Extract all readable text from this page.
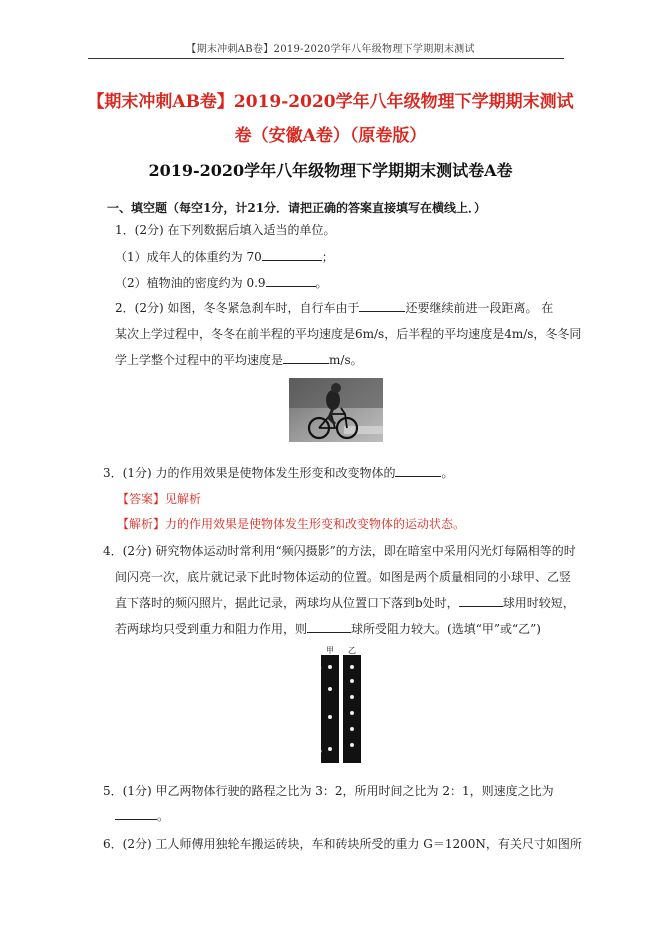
【期末冲刺AB卷】2019-2020学年八年级物理下学期期末测试
【期末冲刺AB卷】2019-2020学年八年级物理下学期期末测试
卷（安徽A卷）（原卷版）
2019-2020学年八年级物理下学期期末测试卷A卷
一、填空题（每空1分，计21分．请把正确的答案直接填写在横线上．）
1．(2分) 在下列数据后填入适当的单位。
（1）成年人的体重约为 70	；
（2）植物油的密度约为 0.9	。
2．(2分) 如图，冬冬紧急刹车时，自行车由于	还要继续前进一段距离。 在
某次上学过程中，冬冬在前半程的平均速度是6m/s，后半程的平均速度是4m/s，冬冬同
学上学整个过程中的平均速度是	m/s。
3．(1分) 力的作用效果是使物体发生形变和改变物体的	。
【答案】见解析
【解析】力的作用效果是使物体发生形变和改变物体的运动状态。
4．(2分) 研究物体运动时常利用“频闪摄影”的方法，即在暗室中采用闪光灯每隔相等的时
间闪亮一次，底片就记录下此时物体运动的位置。如图是两个质量相同的小球甲、乙竖
直下落时的频闪照片，据此记录，两球均从位置口下落到b处时，	球用时较短，
若两球均只受到重力和阻力作用，则	球所受阻力较大。(选填“甲”或“乙”)
甲 乙
a
b
5．(1分) 甲乙两物体行驶的路程之比为 3：2，所用时间之比为 2：1，则速度之比为
。
6．(2分) 工人师傅用独轮车搬运砖块，车和砖块所受的重力 G＝1200N，有关尺寸如图所
